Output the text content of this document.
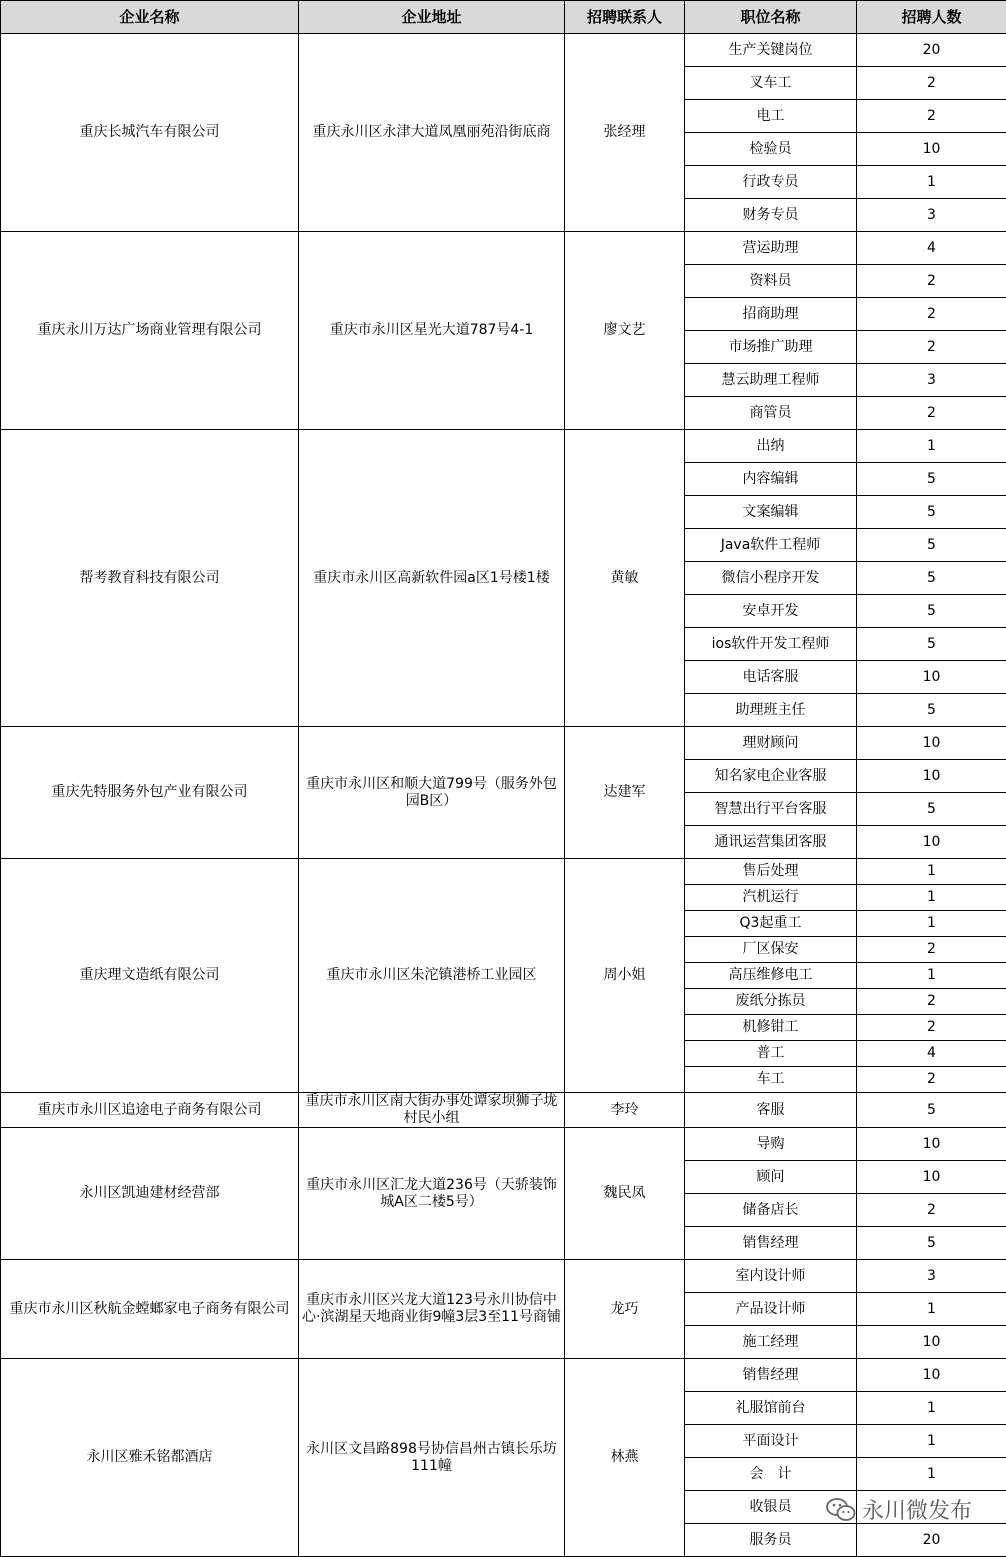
企业名称	企业地址	招聘联系人	职位名称	招聘人数
重庆长城汽车有限公司	重庆永川区永津大道凤凰丽苑沿街底商	张经理	生产关键岗位	20
			叉车工	2
			电工	2
			检验员	10
			行政专员	1
			财务专员	3
重庆永川万达广场商业管理有限公司	重庆市永川区星光大道787号4-1	廖文艺	营运助理	4
			资料员	2
			招商助理	2
			市场推广助理	2
			慧云助理工程师	3
			商管员	2
帮考教育科技有限公司	重庆市永川区高新软件园a区1号楼1楼	黄敏	出纳	1
			内容编辑	5
			文案编辑	5
			Java软件工程师	5
			微信小程序开发	5
			安卓开发	5
			ios软件开发工程师	5
			电话客服	10
			助理班主任	5
重庆先特服务外包产业有限公司	重庆市永川区和顺大道799号（服务外包园B区）	达建军	理财顾问	10
			知名家电企业客服	10
			智慧出行平台客服	5
			通讯运营集团客服	10
重庆理文造纸有限公司	重庆市永川区朱沱镇港桥工业园区	周小姐	售后处理	1
			汽机运行	1
			Q3起重工	1
			厂区保安	2
			高压维修电工	1
			废纸分拣员	2
			机修钳工	2
			普工	4
			车工	2
重庆市永川区追途电子商务有限公司	重庆市永川区南大街办事处谭家坝狮子垅村民小组	李玲	客服	5
永川区凯迪建材经营部	重庆市永川区汇龙大道236号（天骄装饰城A区二楼5号）	魏民凤	导购	10
			顾问	10
			储备店长	2
			销售经理	5
重庆市永川区秋航金螳螂家电子商务有限公司	重庆市永川区兴龙大道123号永川协信中心·滨湖星天地商业街9幢3层3至11号商铺	龙巧	室内设计师	3
			产品设计师	1
			施工经理	10
永川区雅禾铭都酒店	永川区文昌路898号协信昌州古镇长乐坊111幢	林燕	销售经理	10
			礼服馆前台	1
			平面设计	1
			会　计	1
			收银员	
			服务员	20
永川微发布
